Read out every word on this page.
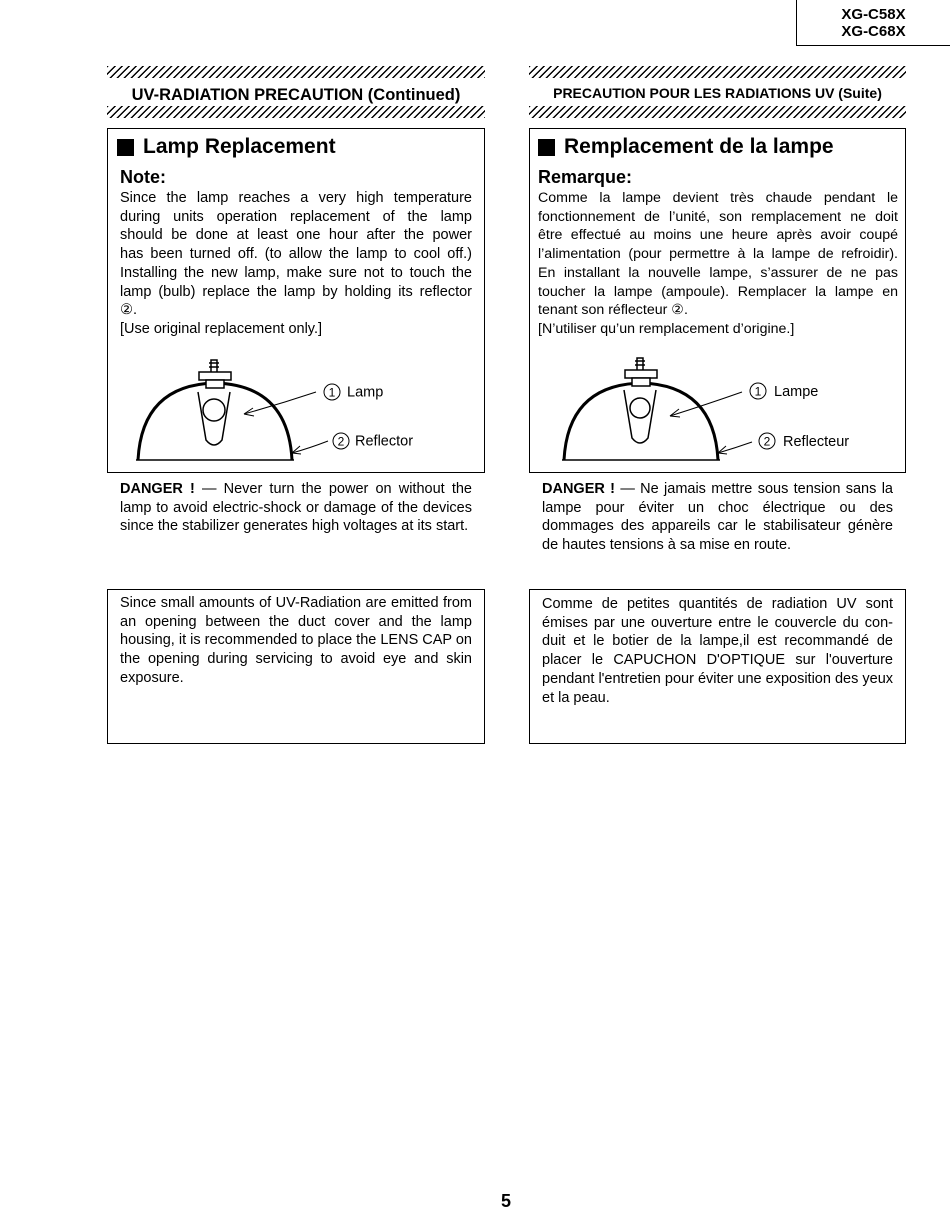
XG-C58X
XG-C68X
UV-RADIATION PRECAUTION (Continued)
Lamp Replacement
Note:
Since the lamp reaches a very high temperature
during units operation replacement of the lamp
should be done at least one hour after the power
has been turned off. (to allow the lamp to cool off.)
Installing the new lamp, make sure not to touch the
lamp (bulb) replace the lamp by holding its reflector
②.
[Use original replacement only.]
1 Lamp
2 Reflector
DANGER ! — Never turn the power on without the lamp to avoid electric-shock or damage of the devices since the stabilizer generates high voltages at its start.
Since small amounts of UV-Radiation are emitted from an opening between the duct cover and the lamp housing, it is recommended to place the LENS CAP on the opening during servicing to avoid eye and skin exposure.
PRECAUTION POUR LES RADIATIONS UV (Suite)
Remplacement de la lampe
Remarque:
Comme la lampe devient très chaude pendant le
fonctionnement de l’unité, son remplacement ne doit
être effectué au moins une heure après avoir coupé
l’alimentation (pour permettre à la lampe de refroidir).
En installant la nouvelle lampe, s’assurer de ne pas
toucher la lampe (ampoule). Remplacer la lampe en
tenant son réflecteur ②.
[N’utiliser qu’un remplacement d’origine.]
1 Lampe
2 Reflecteur
DANGER ! — Ne jamais mettre sous tension sans la lampe pour éviter un choc électrique ou des dommages des appareils car le stabilisateur génère de hautes tensions à sa mise en route.
Comme de petites quantités de radiation UV sont émises par une ouverture entre le couvercle du con-duit et le botier de la lampe,il est recommandé de placer le CAPUCHON D'OPTIQUE sur l'ouverture pendant l'entretien pour éviter une exposition des yeux et la peau.
5
